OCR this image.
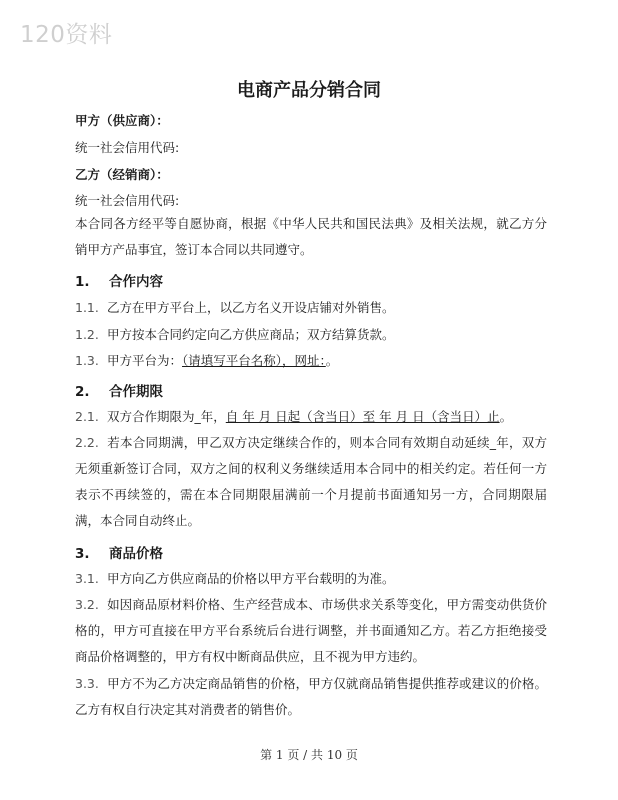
120资料
电商产品分销合同
甲方（供应商）：
统一社会信用代码:
乙方（经销商）：
统一社会信用代码:
本合同各方经平等自愿协商，根据《中华人民共和国民法典》及相关法规，就乙方分销甲方产品事宜，签订本合同以共同遵守。
1. 合作内容
1.1. 乙方在甲方平台上，以乙方名义开设店铺对外销售。
1.2. 甲方按本合同约定向乙方供应商品；双方结算货款。
1.3. 甲方平台为：（请填写平台名称），网址：。
2. 合作期限
2.1. 双方合作期限为_年，自 年 月 日起（含当日）至 年 月 日（含当日）止。
2.2. 若本合同期满，甲乙双方决定继续合作的，则本合同有效期自动延续_年，双方无须重新签订合同，双方之间的权利义务继续适用本合同中的相关约定。若任何一方表示不再续签的，需在本合同期限届满前一个月提前书面通知另一方，合同期限届满，本合同自动终止。
3. 商品价格
3.1. 甲方向乙方供应商品的价格以甲方平台载明的为准。
3.2. 如因商品原材料价格、生产经营成本、市场供求关系等变化，甲方需变动供货价格的，甲方可直接在甲方平台系统后台进行调整，并书面通知乙方。若乙方拒绝接受商品价格调整的，甲方有权中断商品供应，且不视为甲方违约。
3.3. 甲方不为乙方决定商品销售的价格，甲方仅就商品销售提供推荐或建议的价格。乙方有权自行决定其对消费者的销售价。
第 1 页 / 共 10 页
